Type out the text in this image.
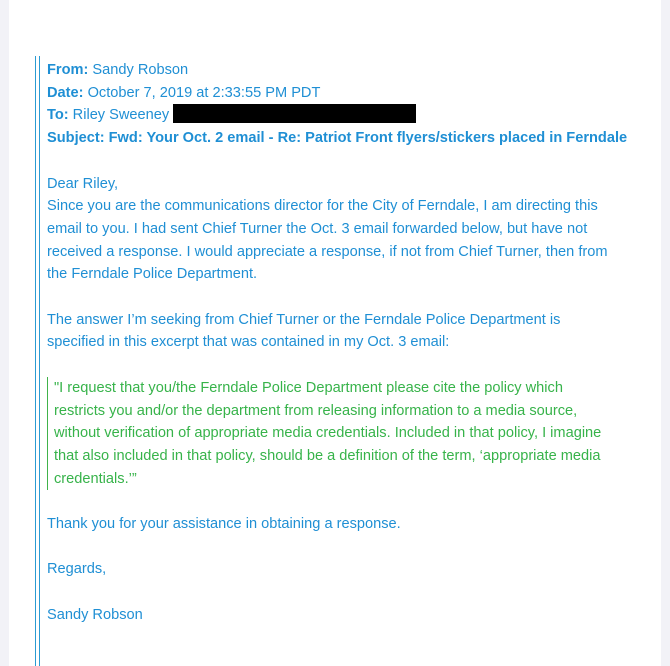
From: Sandy Robson
Date: October 7, 2019 at 2:33:55 PM PDT
To: Riley Sweeney
Subject: Fwd: Your Oct. 2 email - Re: Patriot Front flyers/stickers placed in Ferndale
Dear Riley,
Since you are the communications director for the City of Ferndale, I am directing this
email to you. I had sent Chief Turner the Oct. 3 email forwarded below, but have not
received a response. I would appreciate a response, if not from Chief Turner, then from
the Ferndale Police Department.
The answer I’m seeking from Chief Turner or the Ferndale Police Department is
specified in this excerpt that was contained in my Oct. 3 email:
"I request that you/the Ferndale Police Department please cite the policy which
restricts you and/or the department from releasing information to a media source,
without verification of appropriate media credentials. Included in that policy, I imagine
that also included in that policy, should be a definition of the term, ‘appropriate media
credentials.’”
Thank you for your assistance in obtaining a response.
Regards,
Sandy Robson
